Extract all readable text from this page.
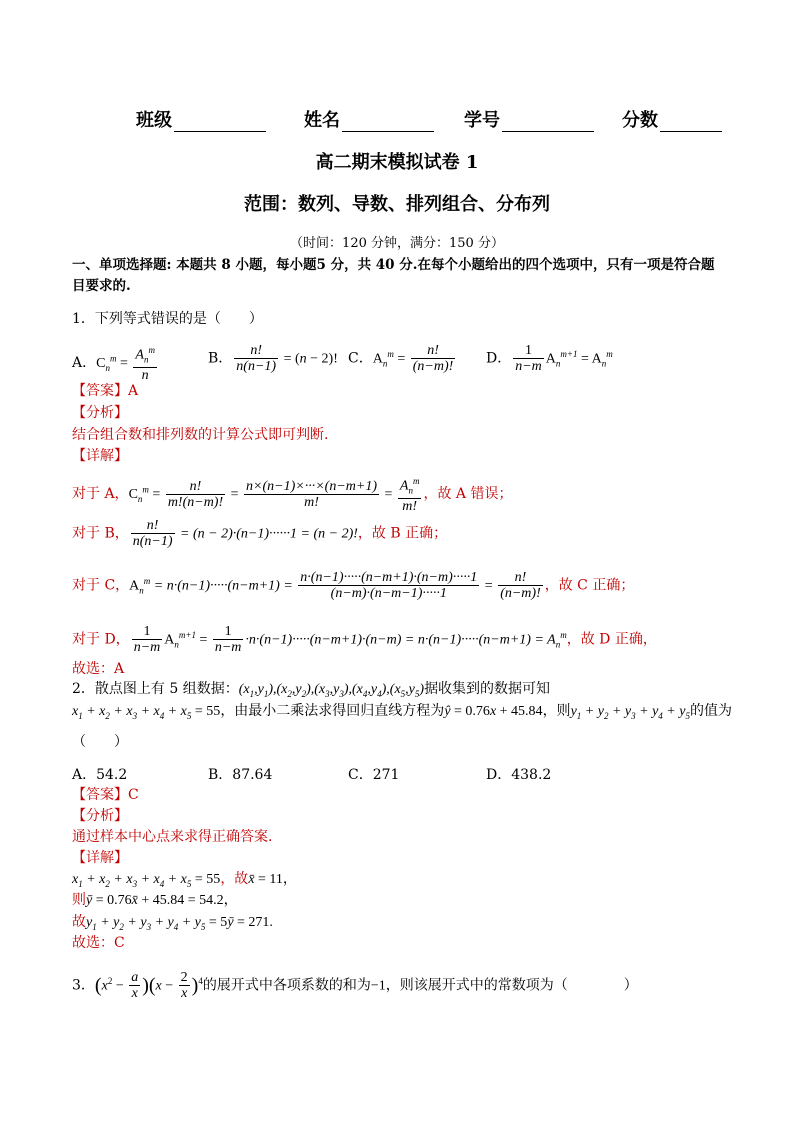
班级	姓名	学号	分数
高二期末模拟试卷 1
范围：数列、导数、排列组合、分布列
（时间：120 分钟，满分：150 分）
一、单项选择题: 本题共 8 小题，每小题5 分，共 40 分.在每个小题给出的四个选项中，只有一项是符合题
目要求的.
1．下列等式错误的是（　　）
A．$C_n^m = \frac{A_n^m}{n}$	B． $\frac{n!}{n(n-1)} = (n - 2)$! C．$A_n^m = \frac{n!}{(n-m)!}$ D． $\frac{1}{n-m} A_n^{m+1} = A_n^m$
【答案】A
【分析】
结合组合数和排列数的计算公式即可判断.
【详解】
对于 A，$C_n^m = \frac{n!}{m!(n-m)!} = \frac{n\times(n-1)\times\cdot\cdot\cdot\times(n-m+1)}{m!} = \frac{A_n^m}{m!}$ ，故 A 错误；
对于 B， $\frac{n!}{n(n-1)} = (n - 2)\cdot(n-1)\cdot\cdot\cdot\cdot\cdot\cdot 1 = (n - 2)$!，故 B 正确；
对于 C，$A_n^m = n\cdot(n-1)\cdot\cdot\cdot\cdot\cdot(n-m+1) = \frac{n\cdot(n-1)\cdot\cdot\cdot\cdot\cdot(n-m+1)\cdot(n-m)\cdot\cdot\cdot\cdot\cdot 1}{(n-m)\cdot(n-m-1)\cdot\cdot\cdot\cdot\cdot 1} = \frac{n!}{(n-m)!}$ ，故 C 正确；
对于 D， $\frac{1}{n-m} A_n^{m+1} = \frac{1}{n-m} \cdot n\cdot(n-1)\cdot\cdot\cdot\cdot\cdot(n-m+1)\cdot(n-m) = n\cdot(n-1)\cdot\cdot\cdot\cdot\cdot(n-m+1) = A_n^m$，故 D 正确，
故选：A
2．散点图上有 5 组数据：$(x_1,y_1),(x_2,y_2),(x_3,y_3),(x_4,y_4),(x_5,y_5)$据收集到的数据可知
$x_1 + x_2 + x_3 + x_4 + x_5 = 55$，由最小二乘法求得回归直线方程为ŷ = 0.76x + 45.84，则$y_1 + y_2 + y_3 + y_4 + y_5$的值为
（　　）
A．54.2	B．87.64	C．271	D．438.2
【答案】C
【分析】
通过样本中心点来求得正确答案.
【详解】
$x_1 + x_2 + x_3 + x_4 + x_5 = 55$，故x̄ = 11，
则ȳ = 0.76x̄ + 45.84 = 54.2，
故$y_1 + y_2 + y_3 + y_4 + y_5$ = 5ȳ = 271.
故选：C
3．$(x^2 - \frac{a}{x} )(x - \frac{2}{x} )^4$的展开式中各项系数的和为−1，则该展开式中的常数项为（　　　　）
